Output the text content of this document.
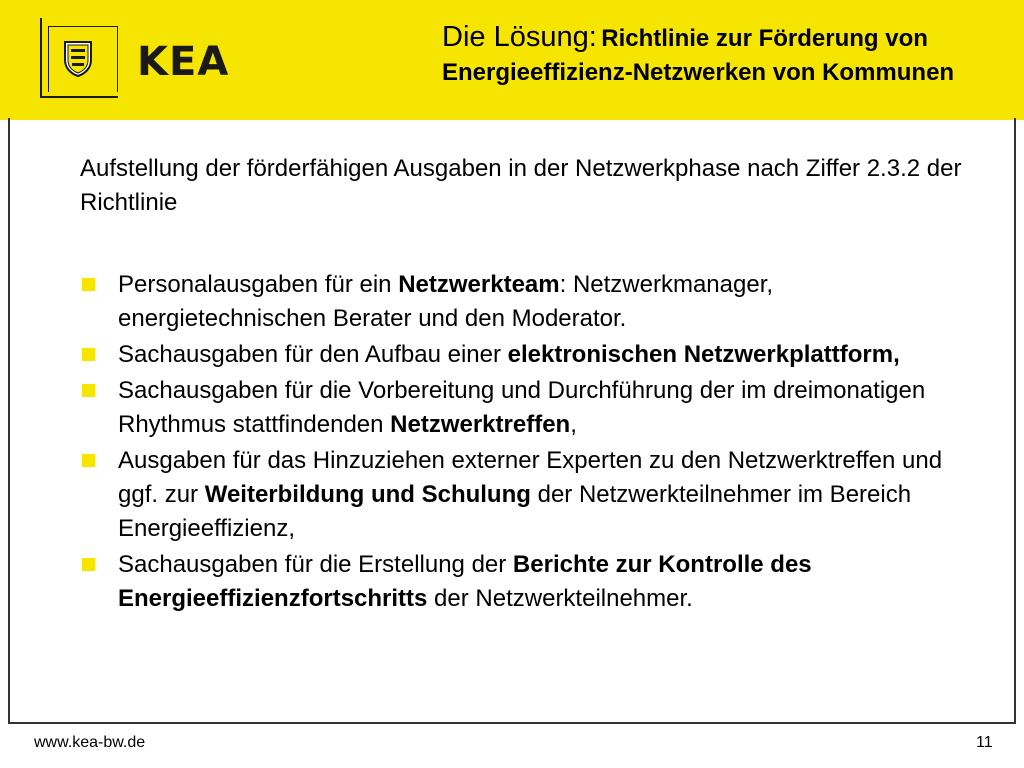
KEA
Die Lösung: Richtlinie zur Förderung von Energieeffizienz-Netzwerken von Kommunen
Aufstellung der förderfähigen Ausgaben in der Netzwerkphase nach Ziffer 2.3.2 der Richtlinie
Personalausgaben für ein Netzwerkteam: Netzwerkmanager, energietechnischen Berater und den Moderator.
Sachausgaben für den Aufbau einer elektronischen Netzwerkplattform,
Sachausgaben für die Vorbereitung und Durchführung der im dreimonatigen Rhythmus stattfindenden Netzwerktreffen,
Ausgaben für das Hinzuziehen externer Experten zu den Netzwerktreffen und ggf. zur Weiterbildung und Schulung der Netzwerkteilnehmer im Bereich Energieeffizienz,
Sachausgaben für die Erstellung der Berichte zur Kontrolle des Energieeffizienzfortschritts der Netzwerkteilnehmer.
www.kea-bw.de	11
